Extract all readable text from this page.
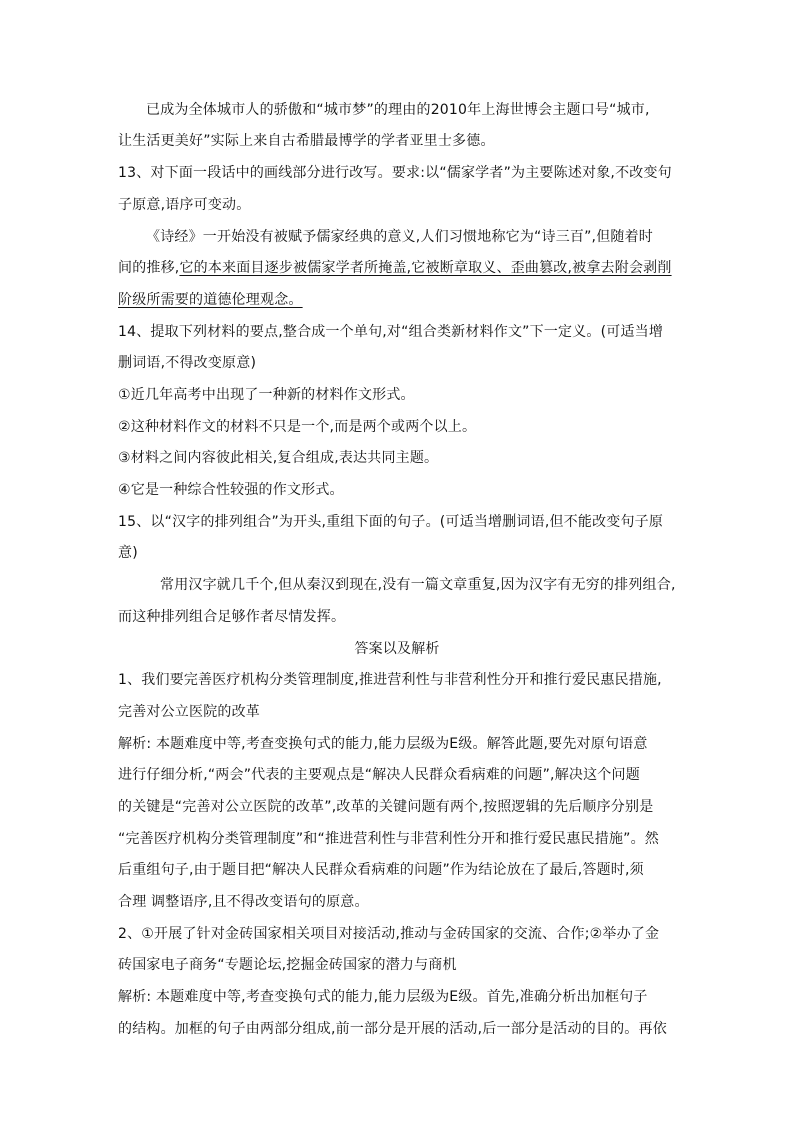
已成为全体城市人的骄傲和“城市梦”的理由的2010年上海世博会主题口号“城市,
让生活更美好”实际上来自古希腊最博学的学者亚里士多德。
13、对下面一段话中的画线部分进行改写。要求:以“儒家学者”为主要陈述对象,不改变句
子原意,语序可变动。
《诗经》一开始没有被赋予儒家经典的意义,人们习惯地称它为“诗三百”,但随着时
间的推移,它的本来面目逐步被儒家学者所掩盖,它被断章取义、歪曲篡改,被拿去附会剥削
阶级所需要的道德伦理观念。
14、提取下列材料的要点,整合成一个单句,对“组合类新材料作文”下一定义。(可适当增
删词语,不得改变原意)
①近几年高考中出现了一种新的材料作文形式。
②这种材料作文的材料不只是一个,而是两个或两个以上。
③材料之间内容彼此相关,复合组成,表达共同主题。
④它是一种综合性较强的作文形式。
15、以“汉字的排列组合”为开头,重组下面的句子。(可适当增删词语,但不能改变句子原
意)
常用汉字就几千个,但从秦汉到现在,没有一篇文章重复,因为汉字有无穷的排列组合,
而这种排列组合足够作者尽情发挥。
答案以及解析
1、我们要完善医疗机构分类管理制度,推进营利性与非营利性分开和推行爱民惠民措施,
完善对公立医院的改革
解析: 本题难度中等,考查变换句式的能力,能力层级为E级。解答此题,要先对原句语意
进行仔细分析,“两会”代表的主要观点是“解决人民群众看病难的问题”,解决这个问题
的关键是“完善对公立医院的改革”,改革的关键问题有两个,按照逻辑的先后顺序分别是
“完善医疗机构分类管理制度”和“推进营利性与非营利性分开和推行爱民惠民措施”。然
后重组句子,由于题目把“解决人民群众看病难的问题”作为结论放在了最后,答题时,须
合理 调整语序,且不得改变语句的原意。
2、①开展了针对金砖国家相关项目对接活动,推动与金砖国家的交流、合作;②举办了金
砖国家电子商务“专题论坛,挖掘金砖国家的潜力与商机
解析: 本题难度中等,考查变换句式的能力,能力层级为E级。首先,准确分析出加框句子
的结构。加框的句子由两部分组成,前一部分是开展的活动,后一部分是活动的目的。再依
